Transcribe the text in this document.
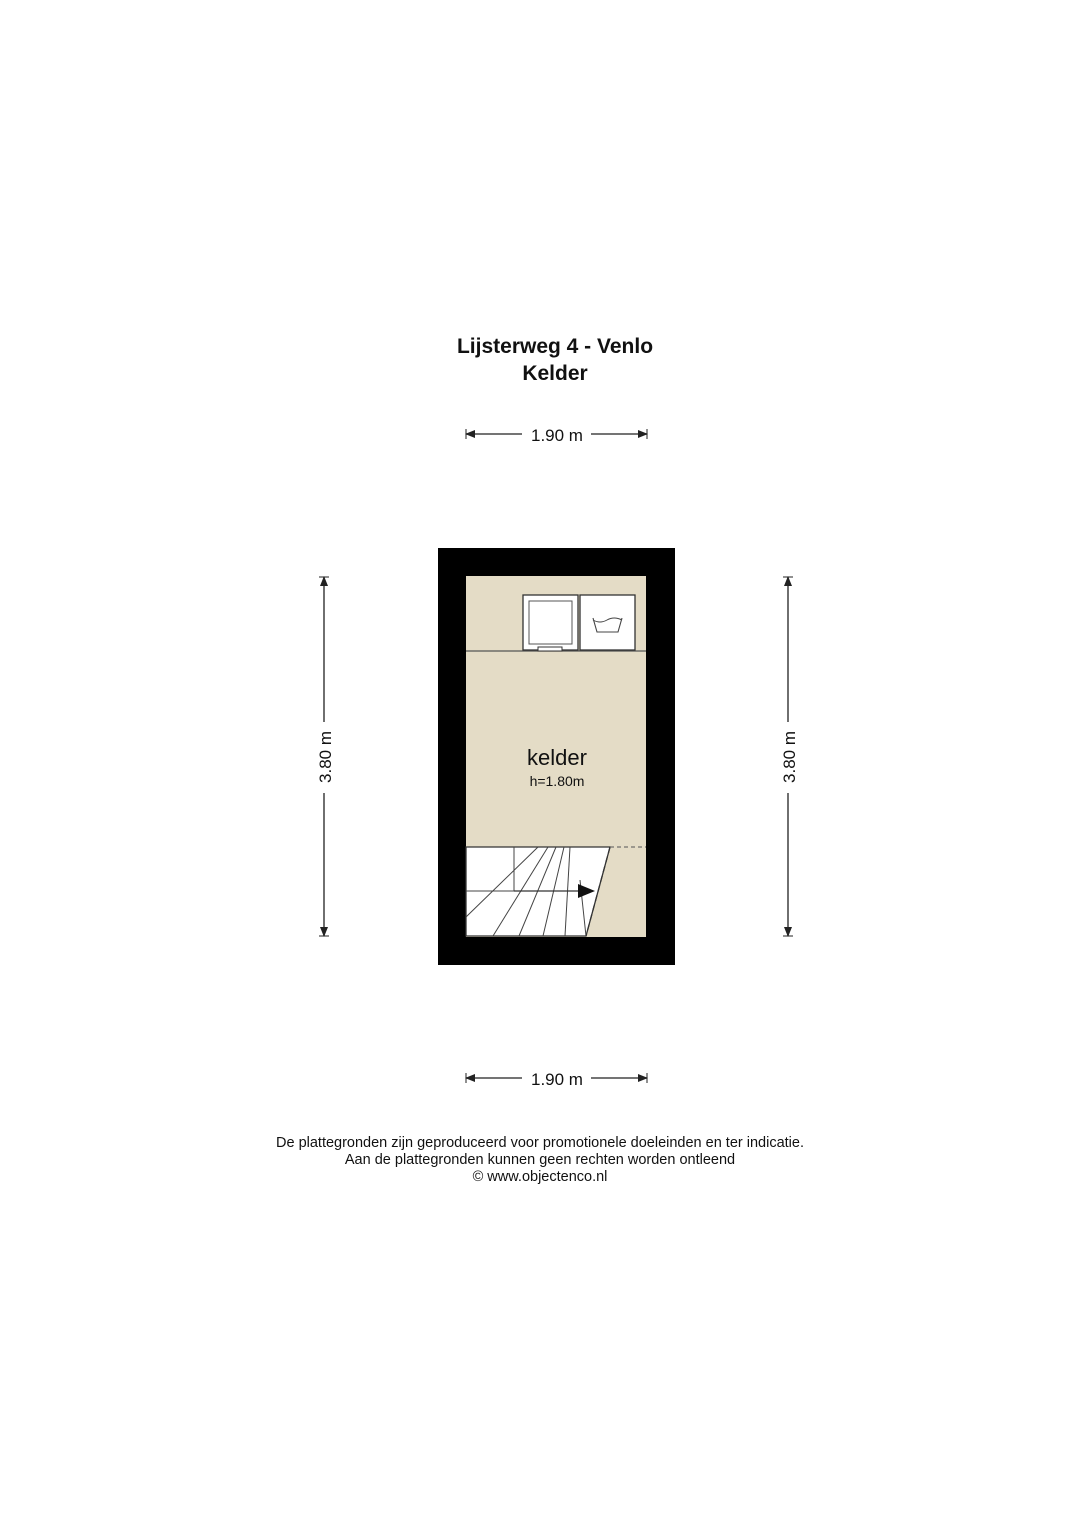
Lijsterweg 4 - Venlo
Kelder
1.90 m
3.80 m	3.80 m
kelder
h=1.80m
1.90 m
De plattegronden zijn geproduceerd voor promotionele doeleinden en ter indicatie.
Aan de plattegronden kunnen geen rechten worden ontleend
© www.objectenco.nl
